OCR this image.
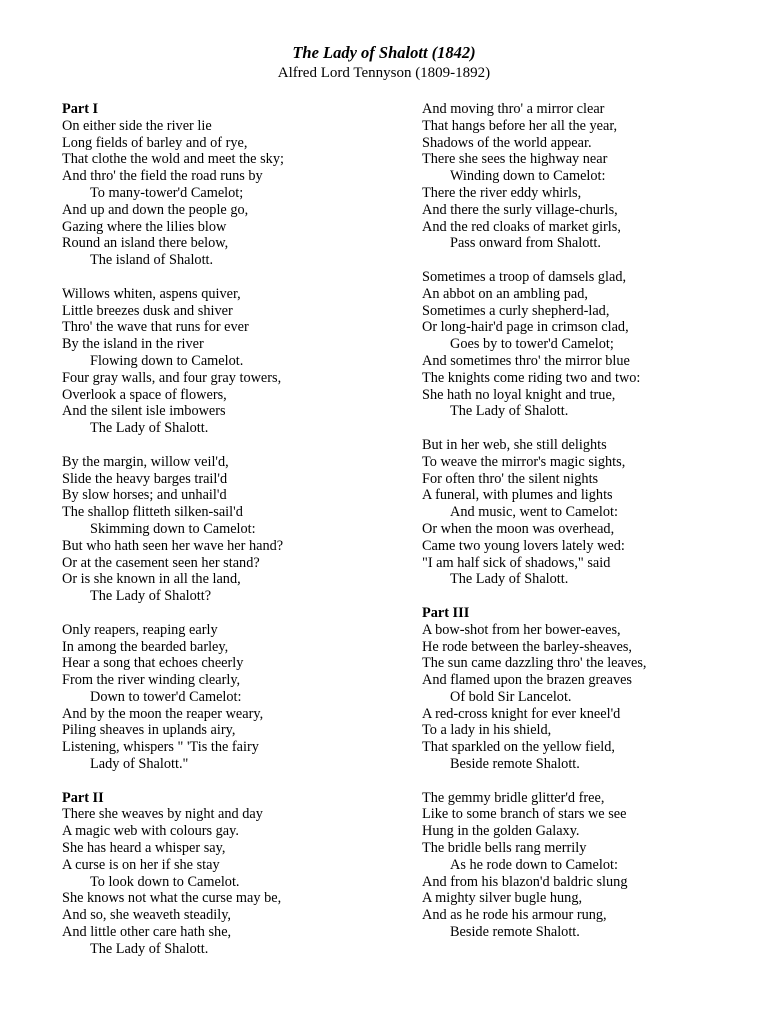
The Lady of Shalott (1842)
Alfred Lord Tennyson (1809-1892)
Part I
On either side the river lie
Long fields of barley and of rye,
That clothe the wold and meet the sky;
And thro' the field the road runs by
To many-tower'd Camelot;
And up and down the people go,
Gazing where the lilies blow
Round an island there below,
The island of Shalott.
Willows whiten, aspens quiver,
Little breezes dusk and shiver
Thro' the wave that runs for ever
By the island in the river
Flowing down to Camelot.
Four gray walls, and four gray towers,
Overlook a space of flowers,
And the silent isle imbowers
The Lady of Shalott.
By the margin, willow veil'd,
Slide the heavy barges trail'd
By slow horses; and unhail'd
The shallop flitteth silken-sail'd
Skimming down to Camelot:
But who hath seen her wave her hand?
Or at the casement seen her stand?
Or is she known in all the land,
The Lady of Shalott?
Only reapers, reaping early
In among the bearded barley,
Hear a song that echoes cheerly
From the river winding clearly,
Down to tower'd Camelot:
And by the moon the reaper weary,
Piling sheaves in uplands airy,
Listening, whispers " 'Tis the fairy
Lady of Shalott."
Part II
There she weaves by night and day
A magic web with colours gay.
She has heard a whisper say,
A curse is on her if she stay
To look down to Camelot.
She knows not what the curse may be,
And so, she weaveth steadily,
And little other care hath she,
The Lady of Shalott.
And moving thro' a mirror clear
That hangs before her all the year,
Shadows of the world appear.
There she sees the highway near
Winding down to Camelot:
There the river eddy whirls,
And there the surly village-churls,
And the red cloaks of market girls,
Pass onward from Shalott.
Sometimes a troop of damsels glad,
An abbot on an ambling pad,
Sometimes a curly shepherd-lad,
Or long-hair'd page in crimson clad,
Goes by to tower'd Camelot;
And sometimes thro' the mirror blue
The knights come riding two and two:
She hath no loyal knight and true,
The Lady of Shalott.
But in her web, she still delights
To weave the mirror's magic sights,
For often thro' the silent nights
A funeral, with plumes and lights
And music, went to Camelot:
Or when the moon was overhead,
Came two young lovers lately wed:
"I am half sick of shadows," said
The Lady of Shalott.
Part III
A bow-shot from her bower-eaves,
He rode between the barley-sheaves,
The sun came dazzling thro' the leaves,
And flamed upon the brazen greaves
Of bold Sir Lancelot.
A red-cross knight for ever kneel'd
To a lady in his shield,
That sparkled on the yellow field,
Beside remote Shalott.
The gemmy bridle glitter'd free,
Like to some branch of stars we see
Hung in the golden Galaxy.
The bridle bells rang merrily
As he rode down to Camelot:
And from his blazon'd baldric slung
A mighty silver bugle hung,
And as he rode his armour rung,
Beside remote Shalott.
